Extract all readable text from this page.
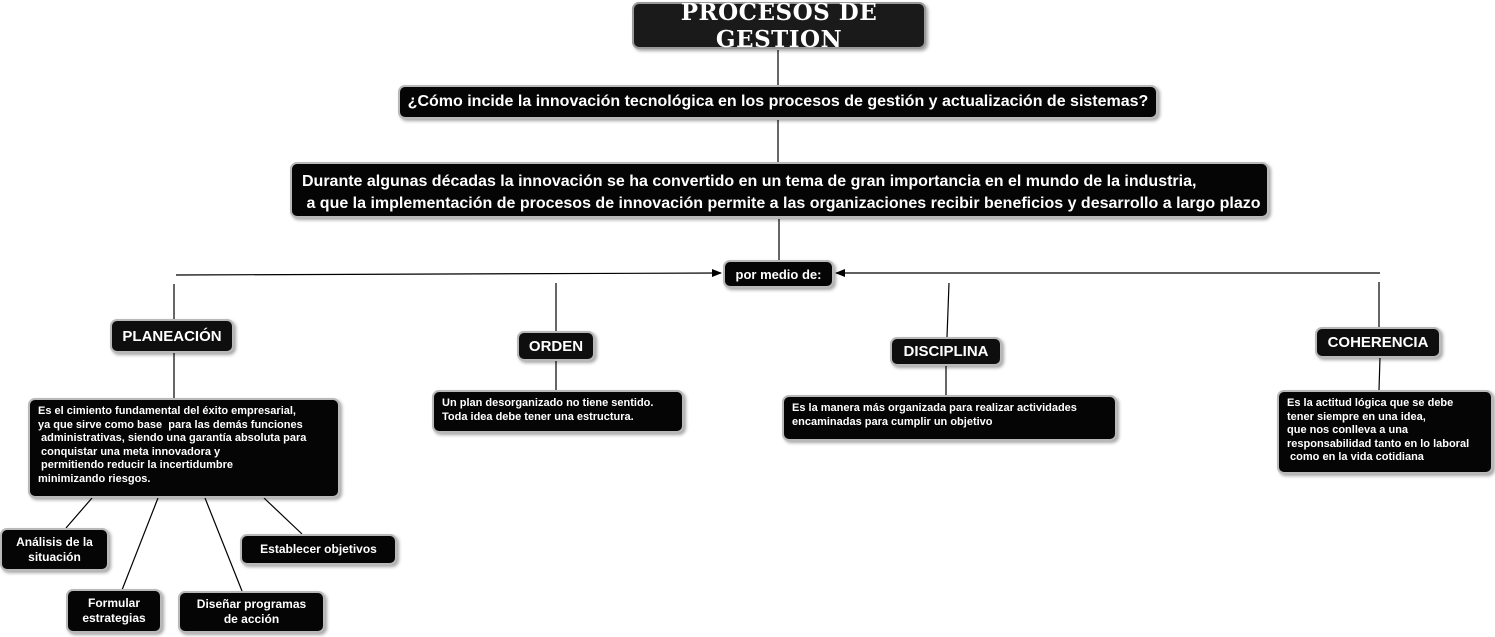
PROCESOS DE GESTION
¿Cómo incide la innovación tecnológica en los procesos de gestión y actualización de sistemas?
Durante algunas décadas la innovación se ha convertido en un tema de gran importancia en el mundo de la industria,
a que la implementación de procesos de innovación permite a las organizaciones recibir beneficios y desarrollo a largo plazo
por medio de:
PLANEACIÓN
ORDEN	DISCIPLINA
COHERENCIA
Es el cimiento fundamental del éxito empresarial,
ya que sirve como base  para las demás funciones
administrativas, siendo una garantía absoluta para
conquistar una meta innovadora y
permitiendo reducir la incertidumbre
minimizando riesgos.
Un plan desorganizado no tiene sentido.
Toda idea debe tener una estructura.
Es la manera más organizada para realizar actividades
encaminadas para cumplir un objetivo
Es la actitud lógica que se debe
tener siempre en una idea,
que nos conlleva a una
responsabilidad tanto en lo laboral
como en la vida cotidiana
Análisis de la
situación
Formular
estrategias
Diseñar programas
de acción
Establecer objetivos
